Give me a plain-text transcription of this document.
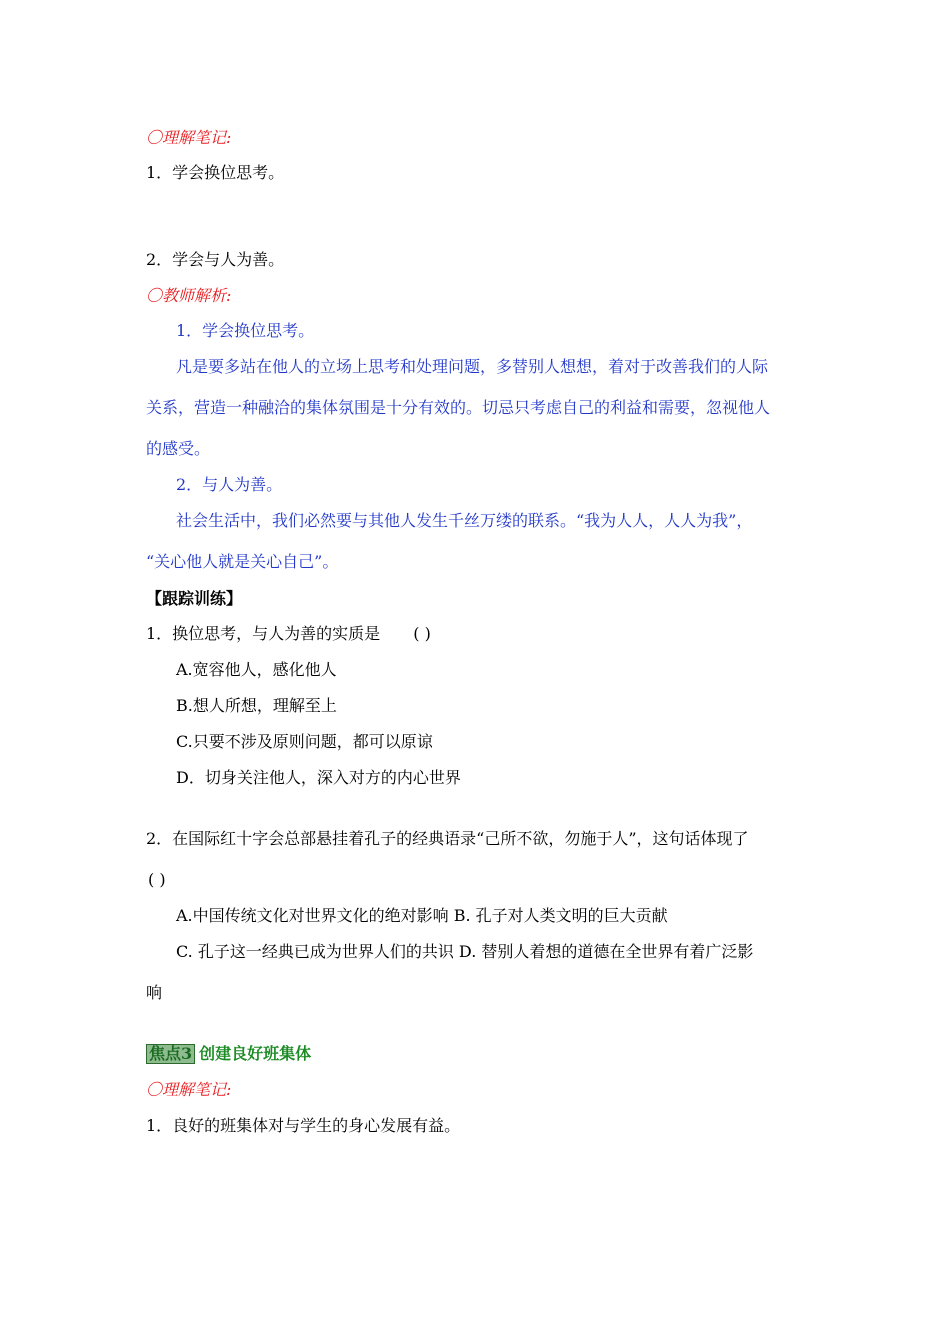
〇理解笔记:
1．学会换位思考。
2．学会与人为善。
〇教师解析:
1．学会换位思考。
凡是要多站在他人的立场上思考和处理问题，多替别人想想，着对于改善我们的人际
关系，营造一种融洽的集体氛围是十分有效的。切忌只考虑自己的利益和需要，忽视他人
的感受。
2．与人为善。
社会生活中，我们必然要与其他人发生千丝万缕的联系。“我为人人，人人为我”，
“关心他人就是关心自己”。
【跟踪训练】
1．换位思考，与人为善的实质是 ( )
A.宽容他人，感化他人
B.想人所想，理解至上
C.只要不涉及原则问题，都可以原谅
D．切身关注他人，深入对方的内心世界
2．在国际红十字会总部悬挂着孔子的经典语录“己所不欲，勿施于人”，这句话体现了
( )
A.中国传统文化对世界文化的绝对影响 B. 孔子对人类文明的巨大贡献
C. 孔子这一经典已成为世界人们的共识 D. 替别人着想的道德在全世界有着广泛影
响
焦点3 创建良好班集体
〇理解笔记:
1．良好的班集体对与学生的身心发展有益。
